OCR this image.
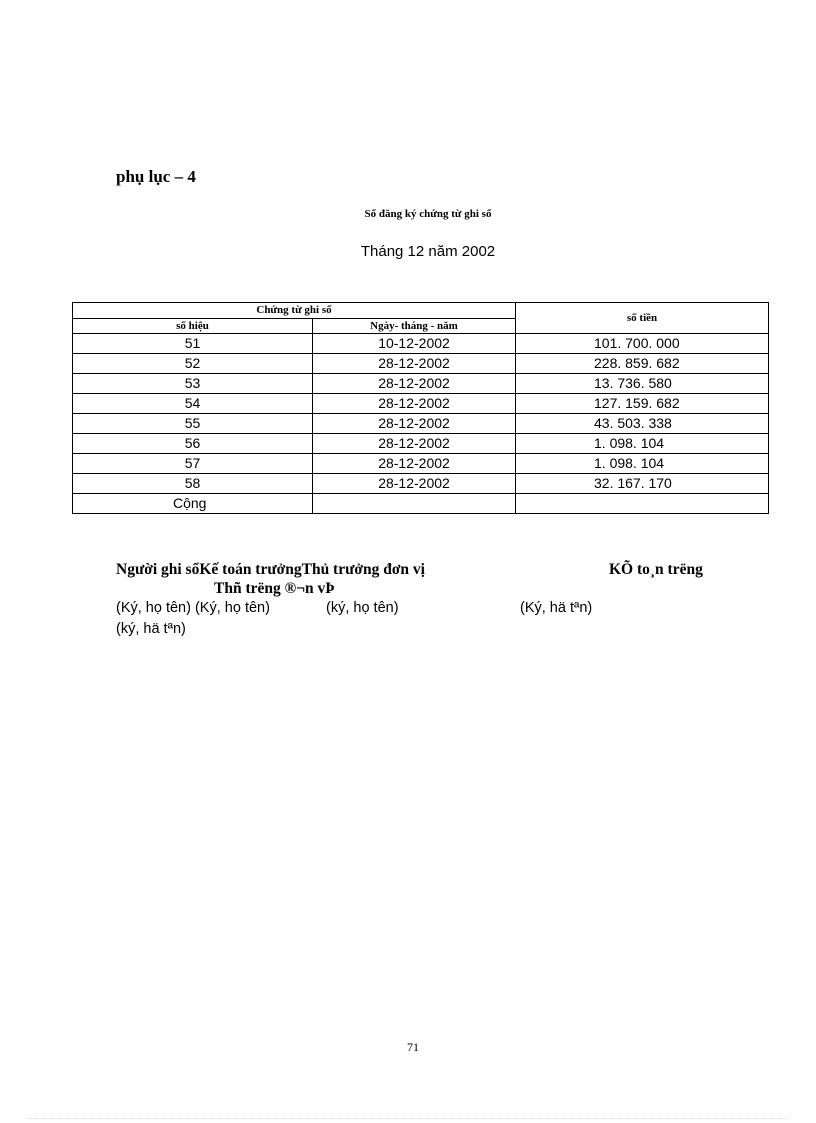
phụ lục – 4
Sổ đăng ký chứng từ ghi sổ
Tháng 12 năm 2002
Chứng từ ghi sổ		số tiền
số hiệu	Ngày- tháng - năm	
51	10-12-2002	101. 700. 000
52	28-12-2002	228. 859. 682
53	28-12-2002	13. 736. 580
54	28-12-2002	127. 159. 682
55	28-12-2002	43. 503. 338
56	28-12-2002	1. 098. 104
57	28-12-2002	1. 098. 104
58	28-12-2002	32. 167. 170
Cộng		
Người ghi sổKế toán trưởngThủ trưởng đơn vị	KÕ to¸n trëng
Thñ trëng ®¬n vÞ
(Ký, họ tên) (Ký, họ tên)	(ký, họ tên)	(Ký, hä tªn)
(ký, hä tªn)
71
